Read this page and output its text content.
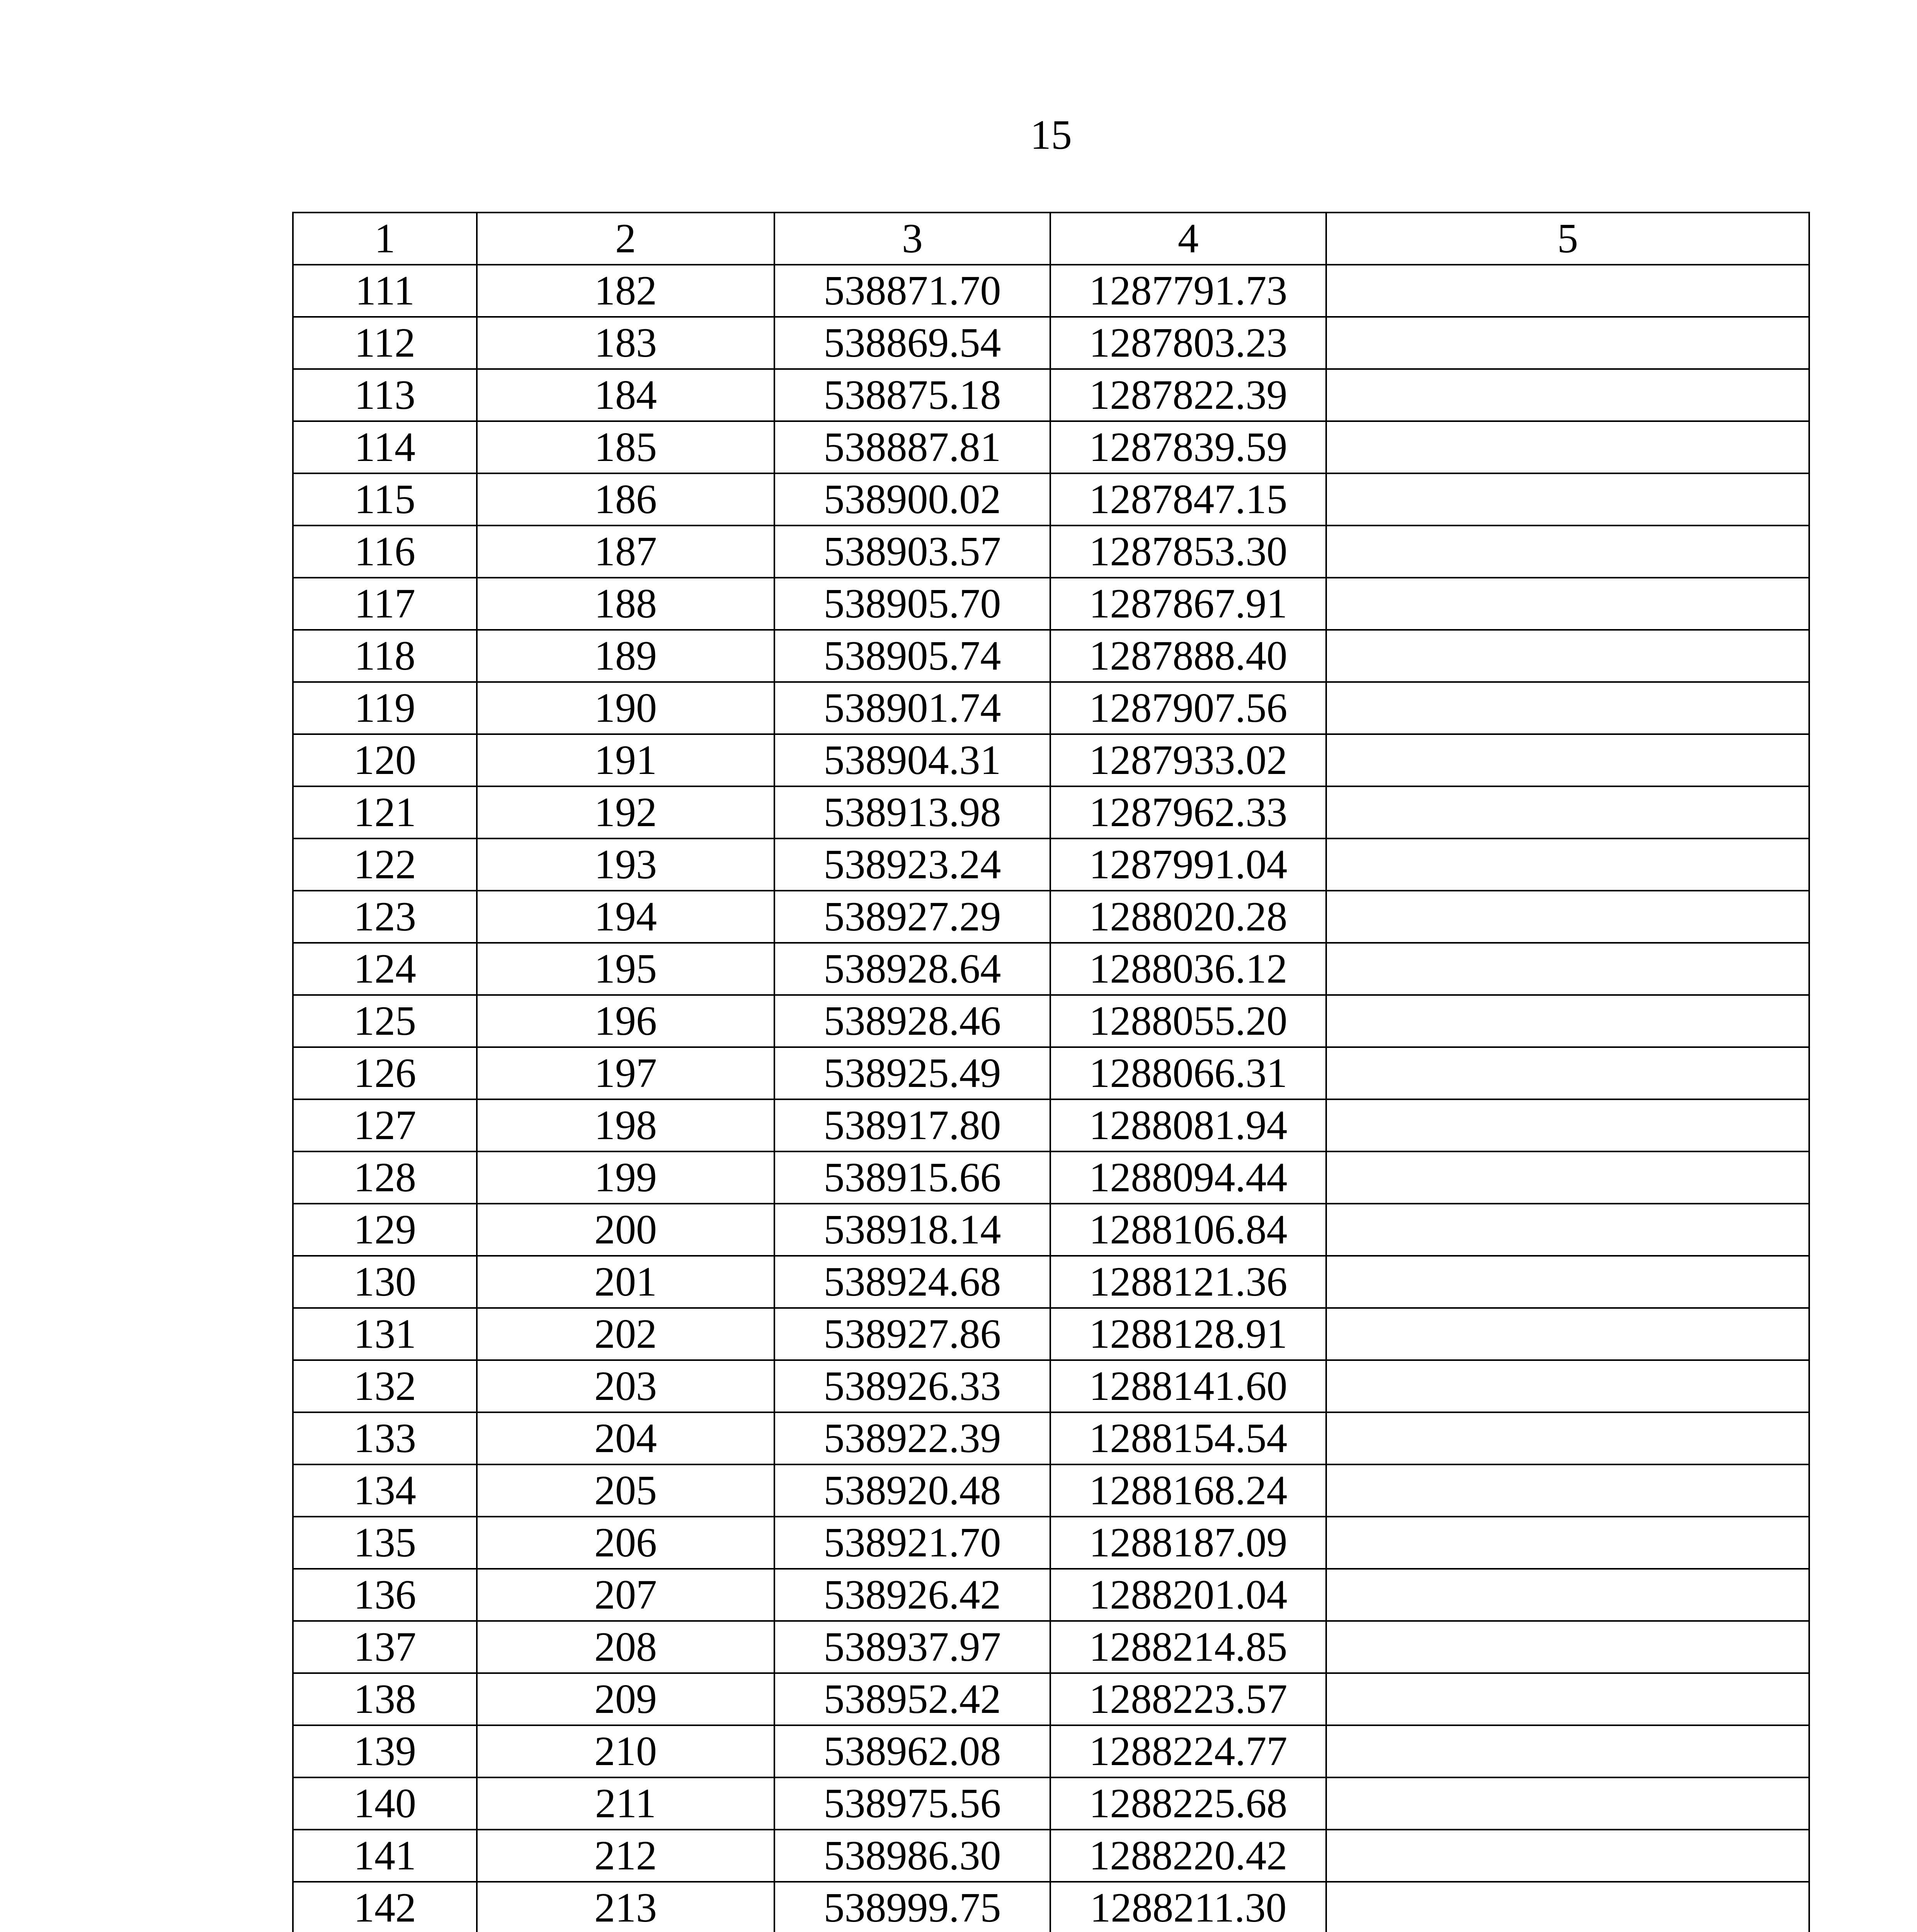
15
1	2	3	4	5
111	182	538871.70	1287791.73	
112	183	538869.54	1287803.23	
113	184	538875.18	1287822.39	
114	185	538887.81	1287839.59	
115	186	538900.02	1287847.15	
116	187	538903.57	1287853.30	
117	188	538905.70	1287867.91	
118	189	538905.74	1287888.40	
119	190	538901.74	1287907.56	
120	191	538904.31	1287933.02	
121	192	538913.98	1287962.33	
122	193	538923.24	1287991.04	
123	194	538927.29	1288020.28	
124	195	538928.64	1288036.12	
125	196	538928.46	1288055.20	
126	197	538925.49	1288066.31	
127	198	538917.80	1288081.94	
128	199	538915.66	1288094.44	
129	200	538918.14	1288106.84	
130	201	538924.68	1288121.36	
131	202	538927.86	1288128.91	
132	203	538926.33	1288141.60	
133	204	538922.39	1288154.54	
134	205	538920.48	1288168.24	
135	206	538921.70	1288187.09	
136	207	538926.42	1288201.04	
137	208	538937.97	1288214.85	
138	209	538952.42	1288223.57	
139	210	538962.08	1288224.77	
140	211	538975.56	1288225.68	
141	212	538986.30	1288220.42	
142	213	538999.75	1288211.30	
